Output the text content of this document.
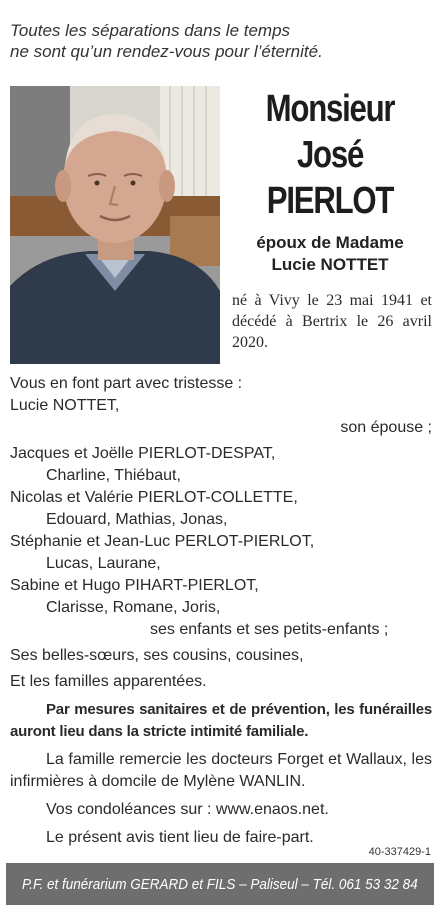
Toutes les séparations dans le temps
ne sont qu’un rendez-vous pour l’éternité.
Monsieur
José
PIERLOT
époux de Madame
Lucie NOTTET
né à Vivy le 23 mai 1941 et décédé à Bertrix le 26 avril 2020.
Vous en font part avec tristesse :
Lucie NOTTET,
son épouse ;
Jacques et Joëlle PIERLOT-DESPAT,
Charline, Thiébaut,
Nicolas et Valérie PIERLOT-COLLETTE,
Edouard, Mathias, Jonas,
Stéphanie et Jean-Luc PERLOT-PIERLOT,
Lucas, Laurane,
Sabine et Hugo PIHART-PIERLOT,
Clarisse, Romane, Joris,
ses enfants et ses petits-enfants ;
Ses belles-sœurs, ses cousins, cousines,
Et les familles apparentées.

Par mesures sanitaires et de prévention, les funérailles auront lieu dans la stricte intimité familiale.

La famille remercie les docteurs Forget et Wallaux, les infirmières à domcile de Mylène WANLIN.

Vos condoléances sur : www.enaos.net.

Le présent avis tient lieu de faire-part.

40-337429-1
P.F. et funérarium GERARD et FILS – Paliseul – Tél. 061 53 32 84
